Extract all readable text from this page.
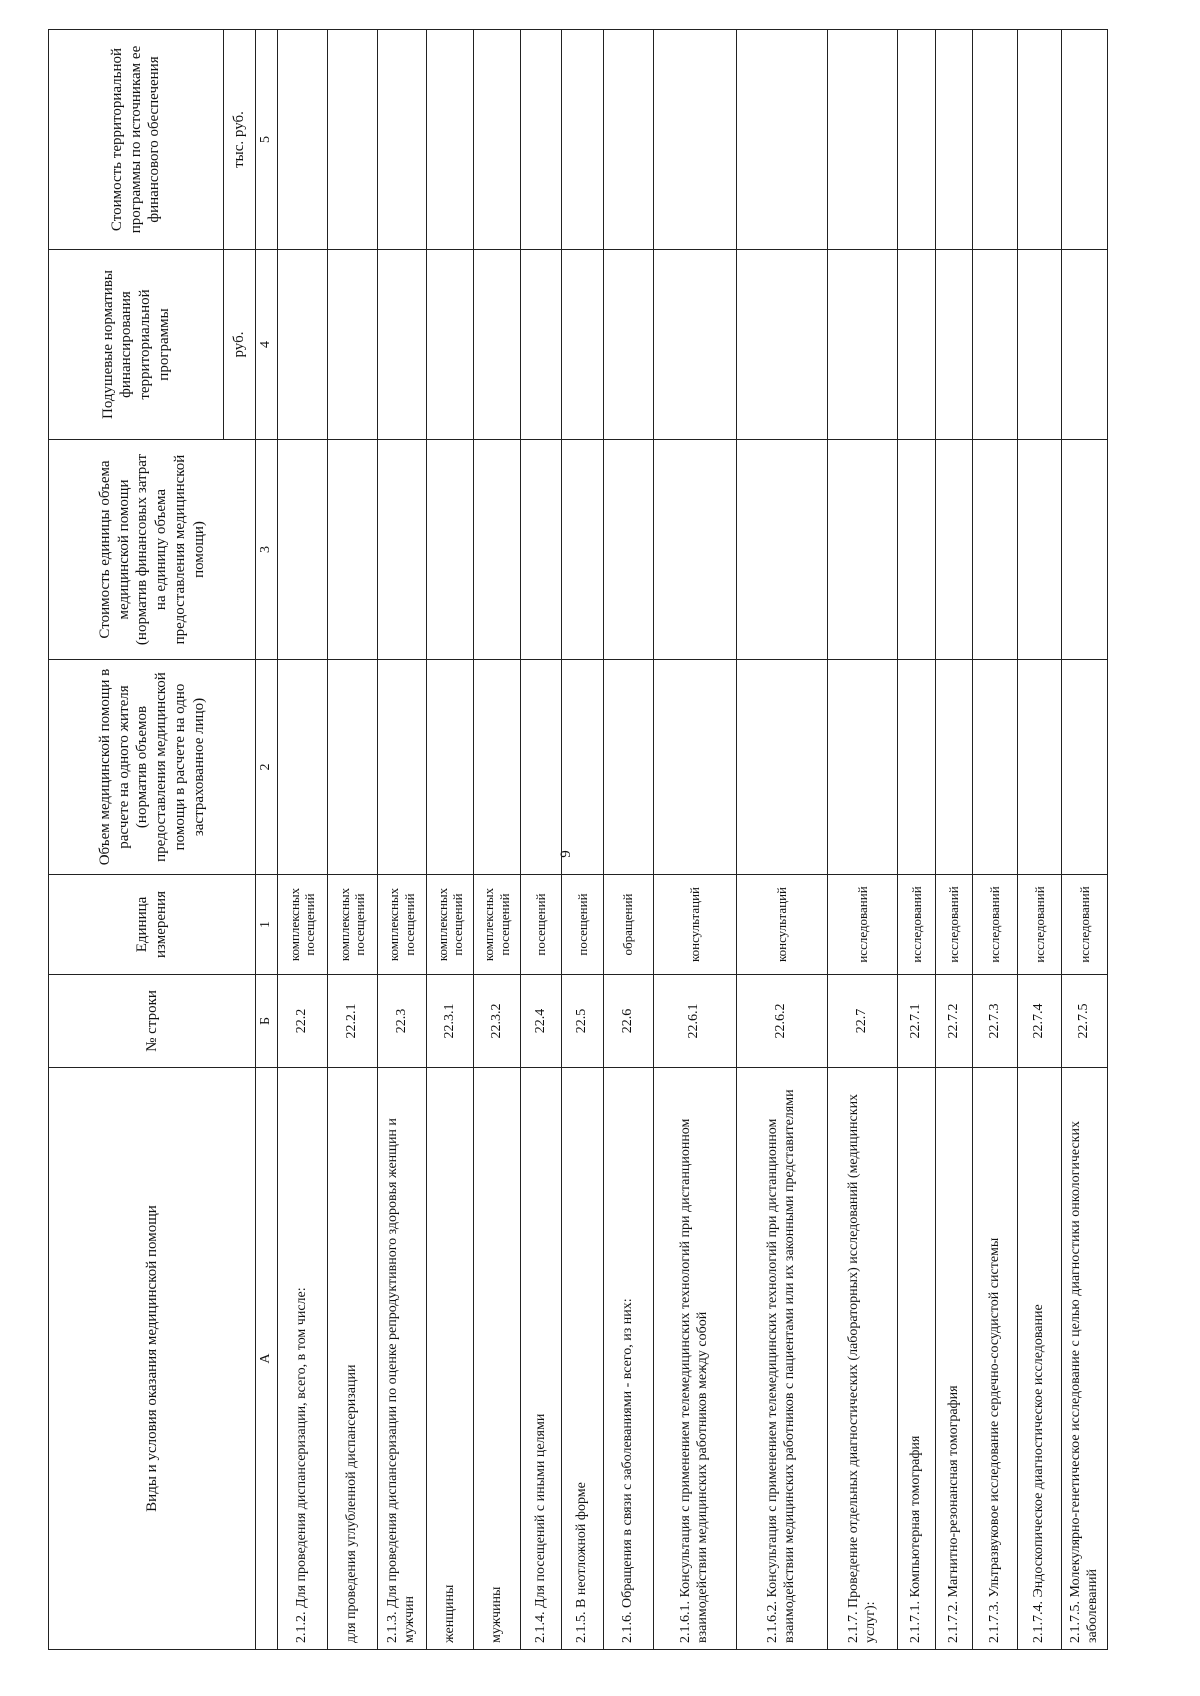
9
Виды и условия оказания медицинской помощи	№ строки	Единица измерения	Объем медицинской помощи в расчете на одного жителя (норматив объемов предоставления медицинской помощи в расчете на одно застрахованное лицо)	Стоимость единицы объема медицинской помощи (норматив финансовых затрат на единицу объема предоставления медицинской помощи)	Подушевые нормативы финансирования территориальной программы	Стоимость территориальной программы по источникам ее финансового обеспечения
					руб.	тыс. руб.
А	Б	1	2	3	4	5
2.1.2. Для проведения диспансеризации, всего, в том числе:	22.2	комплексных посещений				
для проведения углубленной диспансеризации	22.2.1	комплексных посещений				
2.1.3. Для проведения диспансеризации по оценке репродуктивного здоровья женщин и мужчин	22.3	комплексных посещений				
женщины	22.3.1	комплексных посещений				
мужчины	22.3.2	комплексных посещений				
2.1.4. Для посещений с иными целями	22.4	посещений				
2.1.5. В неотложной форме	22.5	посещений				
2.1.6. Обращения в связи с заболеваниями - всего, из них:	22.6	обращений				
2.1.6.1. Консультация с применением телемедицинских технологий при дистанционном взаимодействии медицинских работников между собой	22.6.1	консультаций				
2.1.6.2. Консультация с применением телемедицинских технологий при дистанционном взаимодействии медицинских работников с пациентами или их законными представителями	22.6.2	консультаций				
2.1.7. Проведение отдельных диагностических (лабораторных) исследований (медицинских услуг):	22.7	исследований				
2.1.7.1. Компьютерная томография	22.7.1	исследований				
2.1.7.2. Магнитно-резонансная томография	22.7.2	исследований				
2.1.7.3. Ультразвуковое исследование сердечно-сосудистой системы	22.7.3	исследований				
2.1.7.4. Эндоскопическое диагностическое исследование	22.7.4	исследований				
2.1.7.5. Молекулярно-генетическое исследование с целью диагностики онкологических заболеваний	22.7.5	исследований				
